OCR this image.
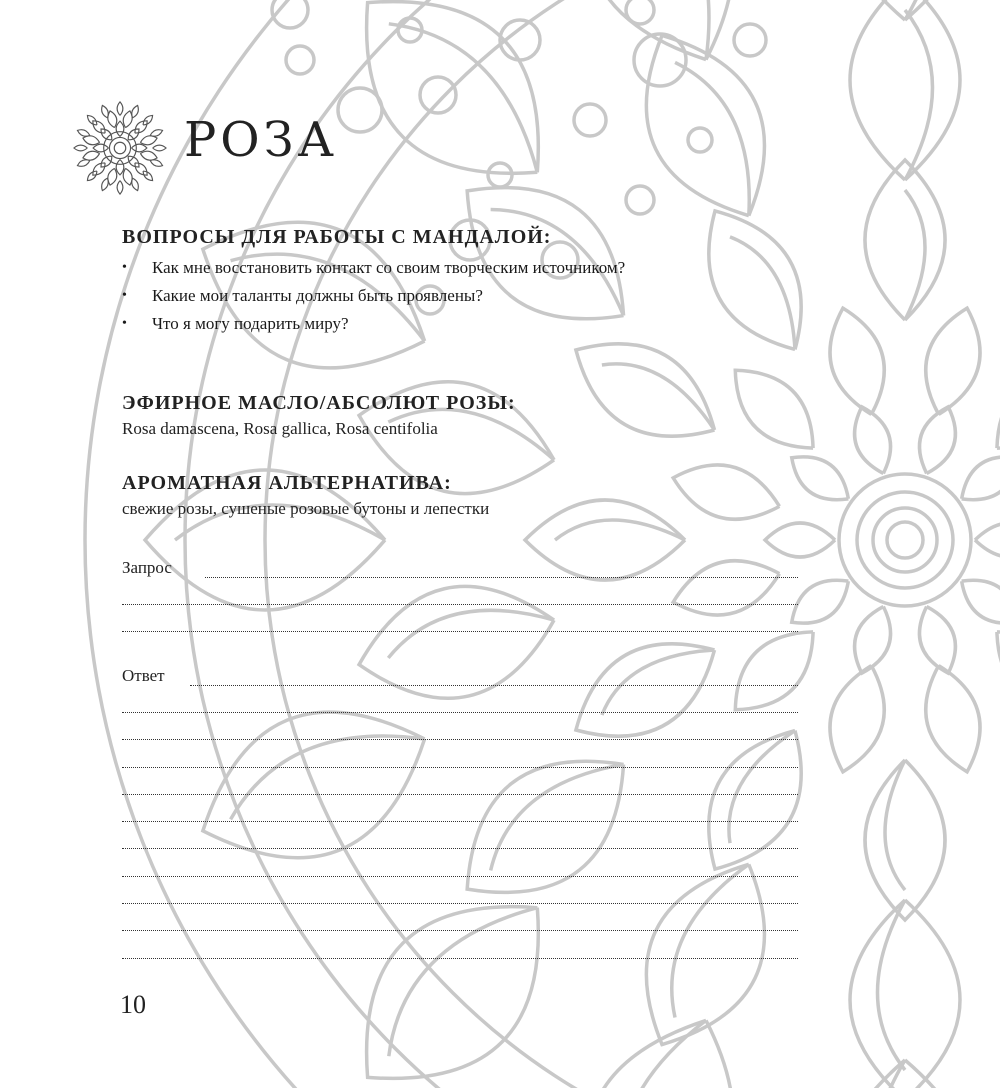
РОЗА
ВОПРОСЫ ДЛЯ РАБОТЫ С МАНДАЛОЙ:
• Как мне восстановить контакт со своим творческим источником?
• Какие мои таланты должны быть проявлены?
• Что я могу подарить миру?
ЭФИРНОЕ МАСЛО/АБСОЛЮТ РОЗЫ:

Rosa damascena, Rosa gallica, Rosa centifolia

АРОМАТНАЯ АЛЬТЕРНАТИВА:

свежие розы, сушеные розовые бутоны и лепестки

Запрос
Ответ
10
